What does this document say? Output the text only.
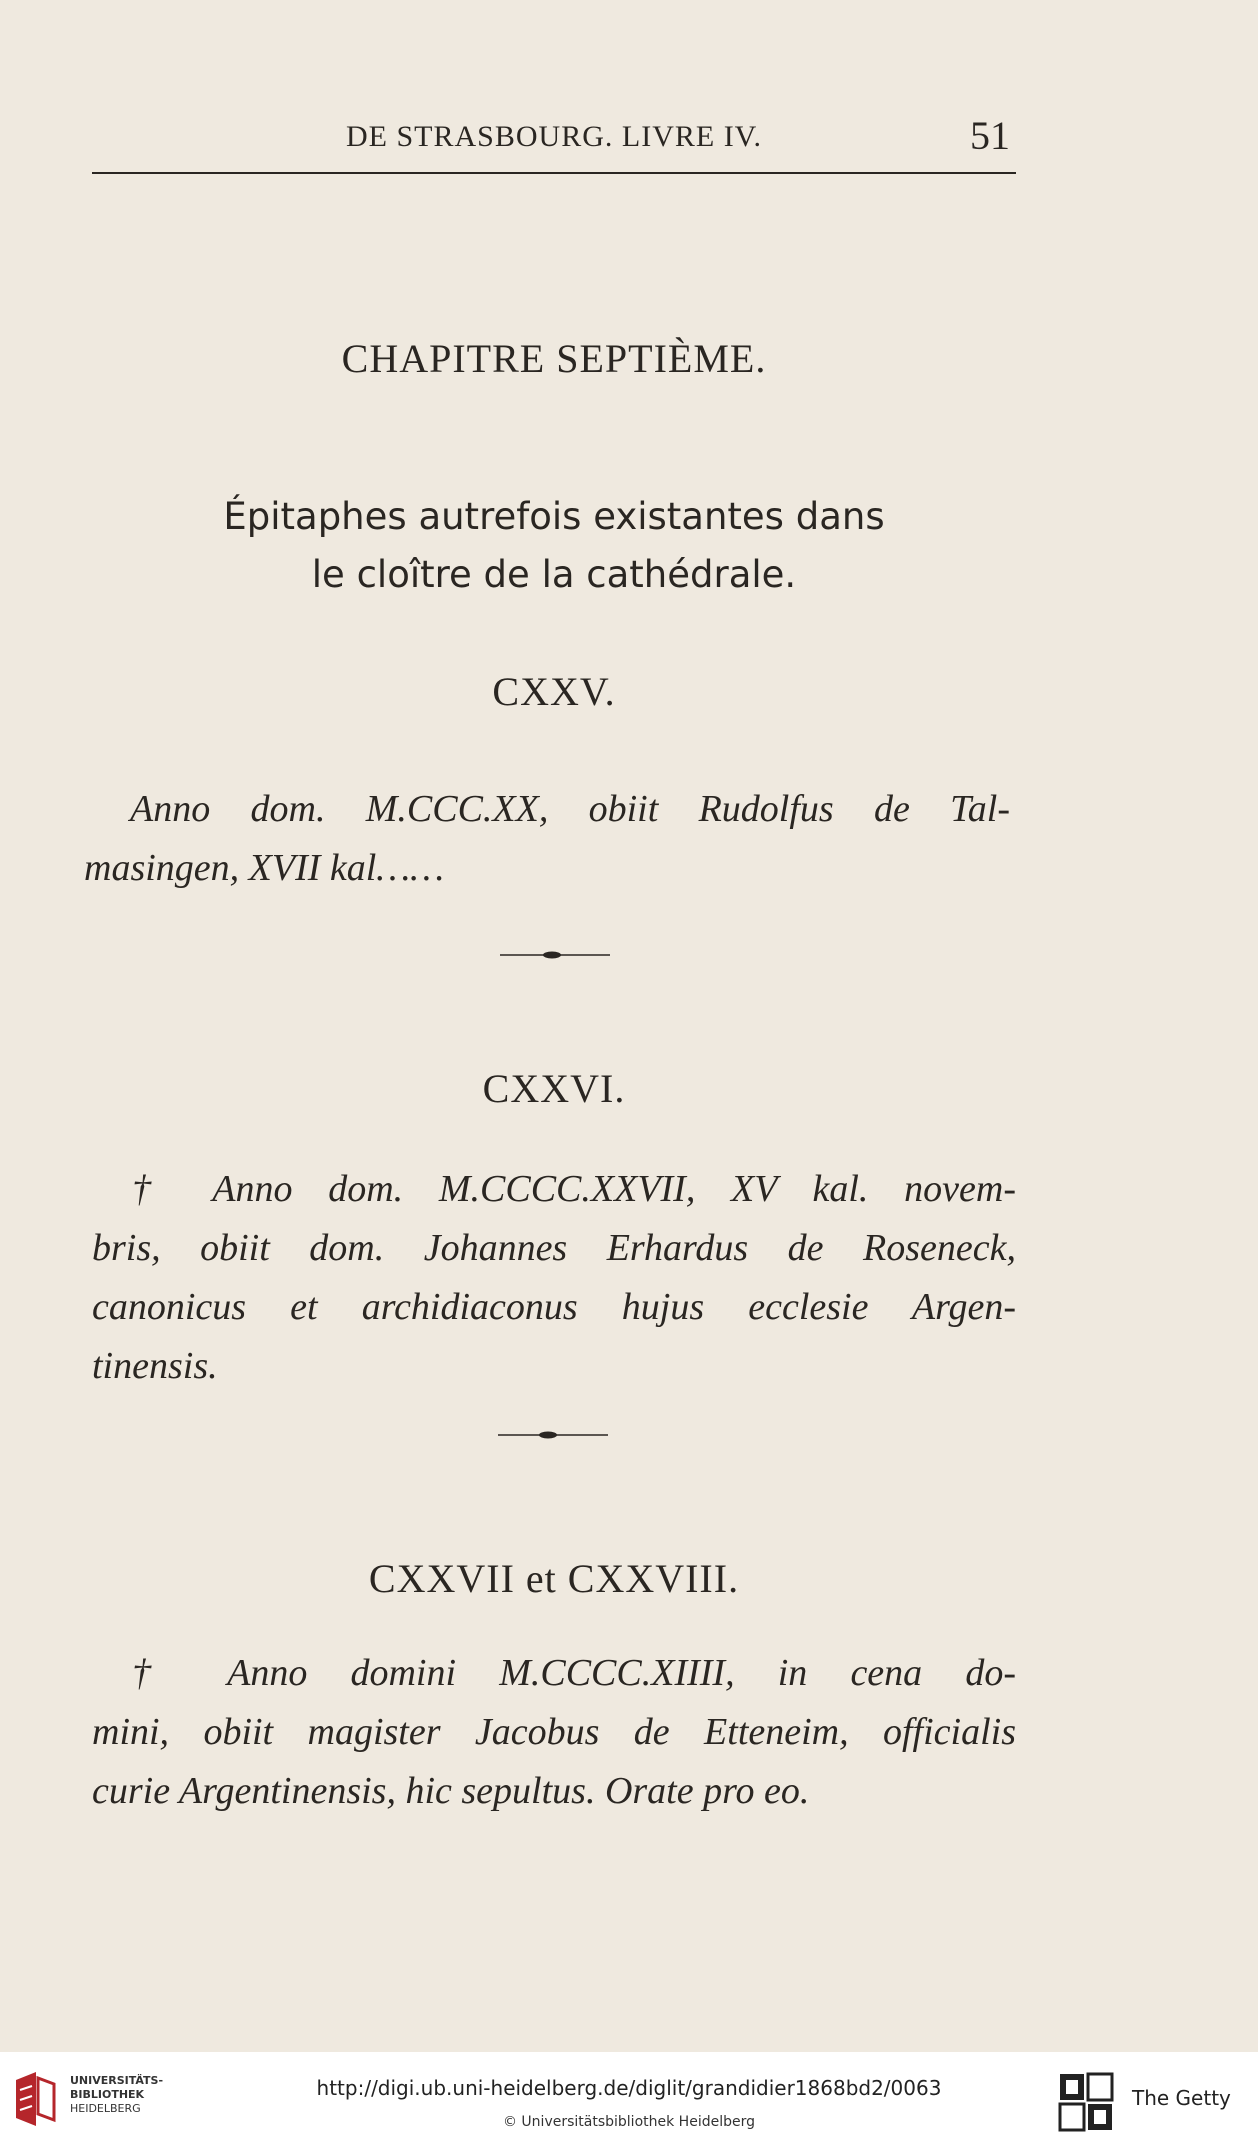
DE STRASBOURG. LIVRE IV.	51
CHAPITRE SEPTIÈME.
Épitaphes autrefois existantes dans
le cloître de la cathédrale.
CXXV.
Anno dom. M.CCC.XX, obiit Rudolfus de Tal-
masingen, XVII kal……
CXXVI.
† Anno dom. M.CCCC.XXVII, XV kal. novem-
bris, obiit dom. Johannes Erhardus de Roseneck,
canonicus et archidiaconus hujus ecclesie Argen-
tinensis.
CXXVII et CXXVIII.
† Anno domini M.CCCC.XIIII, in cena do-
mini, obiit magister Jacobus de Etteneim, officialis
curie Argentinensis, hic sepultus. Orate pro eo.
UNIVERSITÄTS-
BIBLIOTHEK
HEIDELBERG
http://digi.ub.uni-heidelberg.de/diglit/grandidier1868bd2/0063
© Universitätsbibliothek Heidelberg
The Getty
